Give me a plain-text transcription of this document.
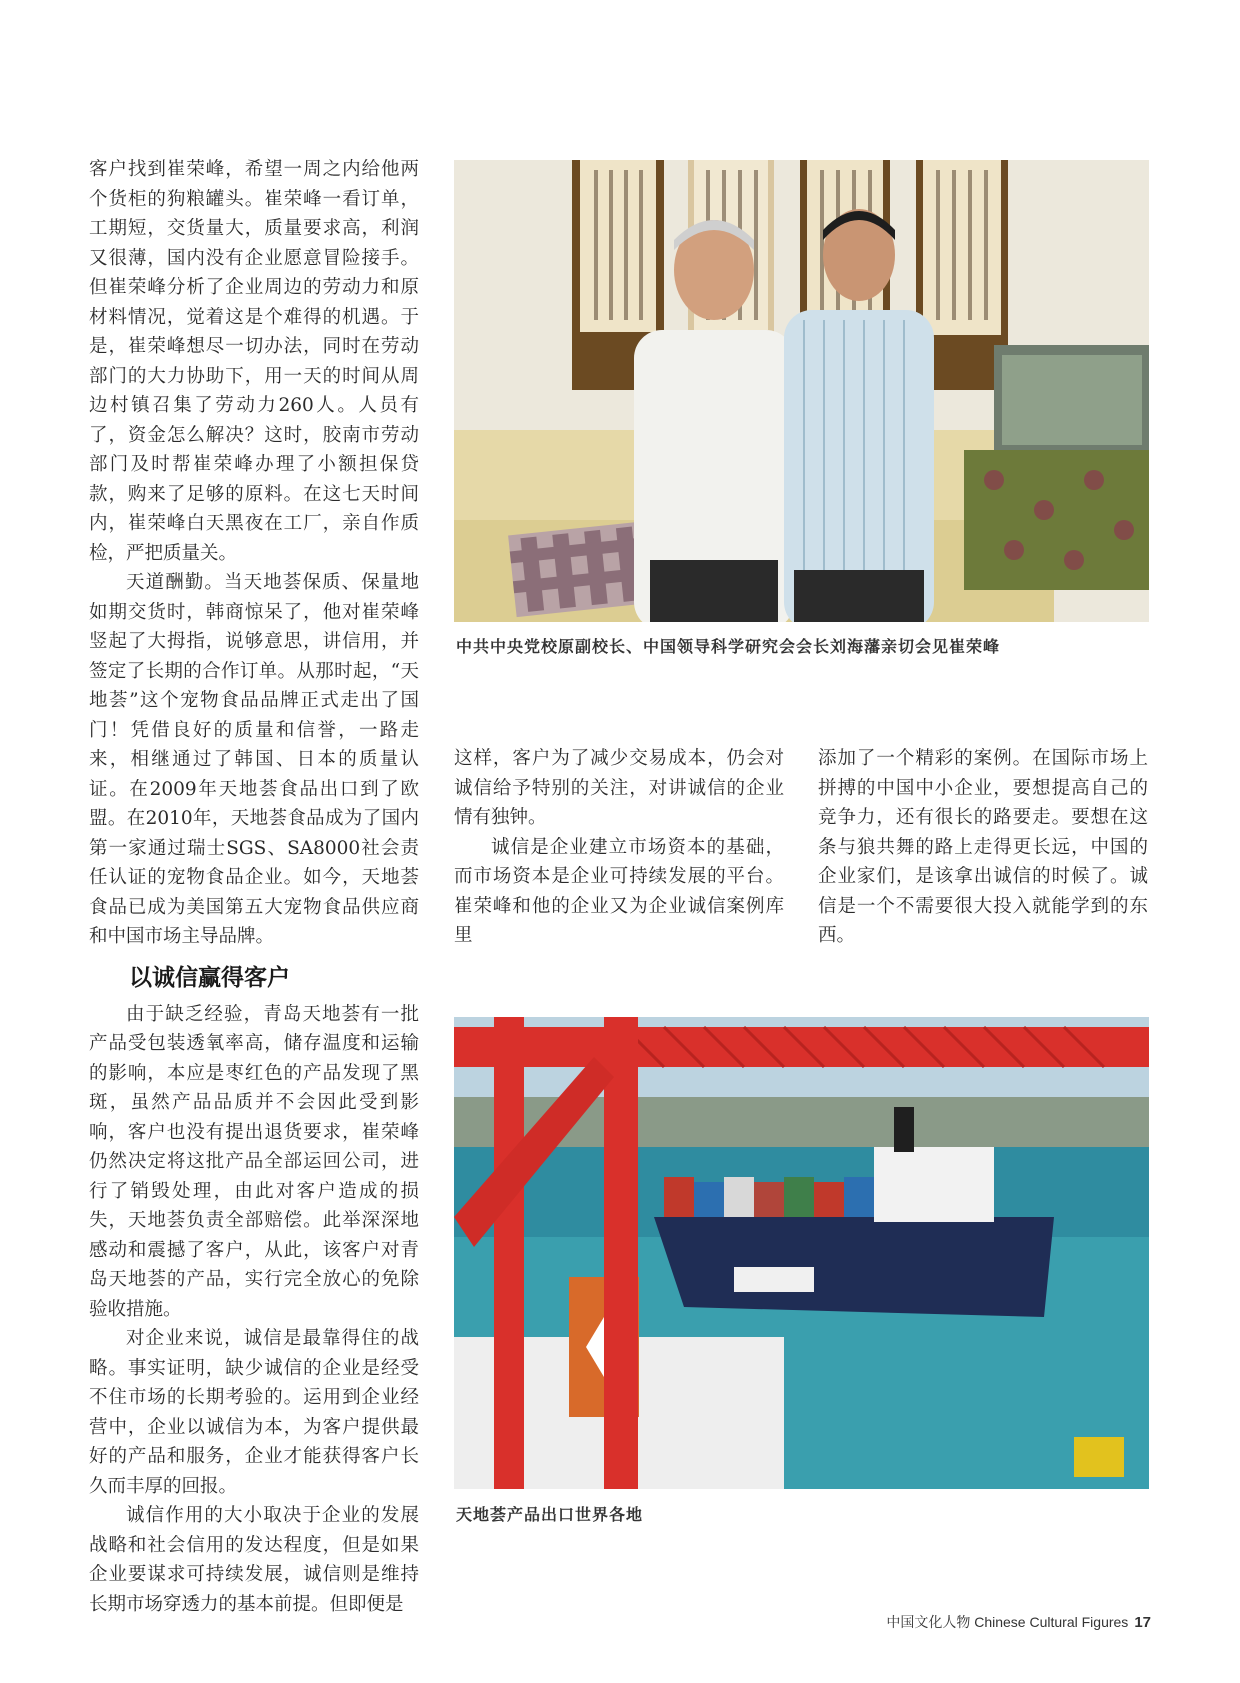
客户找到崔荣峰，希望一周之内给他两个货柜的狗粮罐头。崔荣峰一看订单，工期短，交货量大，质量要求高，利润又很薄，国内没有企业愿意冒险接手。但崔荣峰分析了企业周边的劳动力和原材料情况，觉着这是个难得的机遇。于是，崔荣峰想尽一切办法，同时在劳动部门的大力协助下，用一天的时间从周边村镇召集了劳动力260人。人员有了，资金怎么解决？这时，胶南市劳动部门及时帮崔荣峰办理了小额担保贷款，购来了足够的原料。在这七天时间内，崔荣峰白天黑夜在工厂，亲自作质检，严把质量关。

天道酬勤。当天地荟保质、保量地如期交货时，韩商惊呆了，他对崔荣峰竖起了大拇指，说够意思，讲信用，并签定了长期的合作订单。从那时起，“天地荟”这个宠物食品品牌正式走出了国门！凭借良好的质量和信誉，一路走来，相继通过了韩国、日本的质量认证。在2009年天地荟食品出口到了欧盟。在2010年，天地荟食品成为了国内第一家通过瑞士SGS、SA8000社会责任认证的宠物食品企业。如今，天地荟食品已成为美国第五大宠物食品供应商和中国市场主导品牌。

以诚信赢得客户

由于缺乏经验，青岛天地荟有一批产品受包装透氧率高，储存温度和运输的影响，本应是枣红色的产品发现了黑斑，虽然产品品质并不会因此受到影响，客户也没有提出退货要求，崔荣峰仍然决定将这批产品全部运回公司，进行了销毁处理，由此对客户造成的损失，天地荟负责全部赔偿。此举深深地感动和震撼了客户，从此，该客户对青岛天地荟的产品，实行完全放心的免除验收措施。

对企业来说，诚信是最靠得住的战略。事实证明，缺少诚信的企业是经受不住市场的长期考验的。运用到企业经营中，企业以诚信为本，为客户提供最好的产品和服务，企业才能获得客户长久而丰厚的回报。

诚信作用的大小取决于企业的发展战略和社会信用的发达程度，但是如果企业要谋求可持续发展，诚信则是维持长期市场穿透力的基本前提。但即便是

中共中央党校原副校长、中国领导科学研究会会长刘海藩亲切会见崔荣峰

这样，客户为了减少交易成本，仍会对诚信给予特别的关注，对讲诚信的企业情有独钟。

诚信是企业建立市场资本的基础，而市场资本是企业可持续发展的平台。崔荣峰和他的企业又为企业诚信案例库里

添加了一个精彩的案例。在国际市场上拼搏的中国中小企业，要想提高自己的竞争力，还有很长的路要走。要想在这条与狼共舞的路上走得更长远，中国的企业家们，是该拿出诚信的时候了。诚信是一个不需要很大投入就能学到的东西。

天地荟产品出口世界各地
中国文化人物 Chinese Cultural Figures 17
